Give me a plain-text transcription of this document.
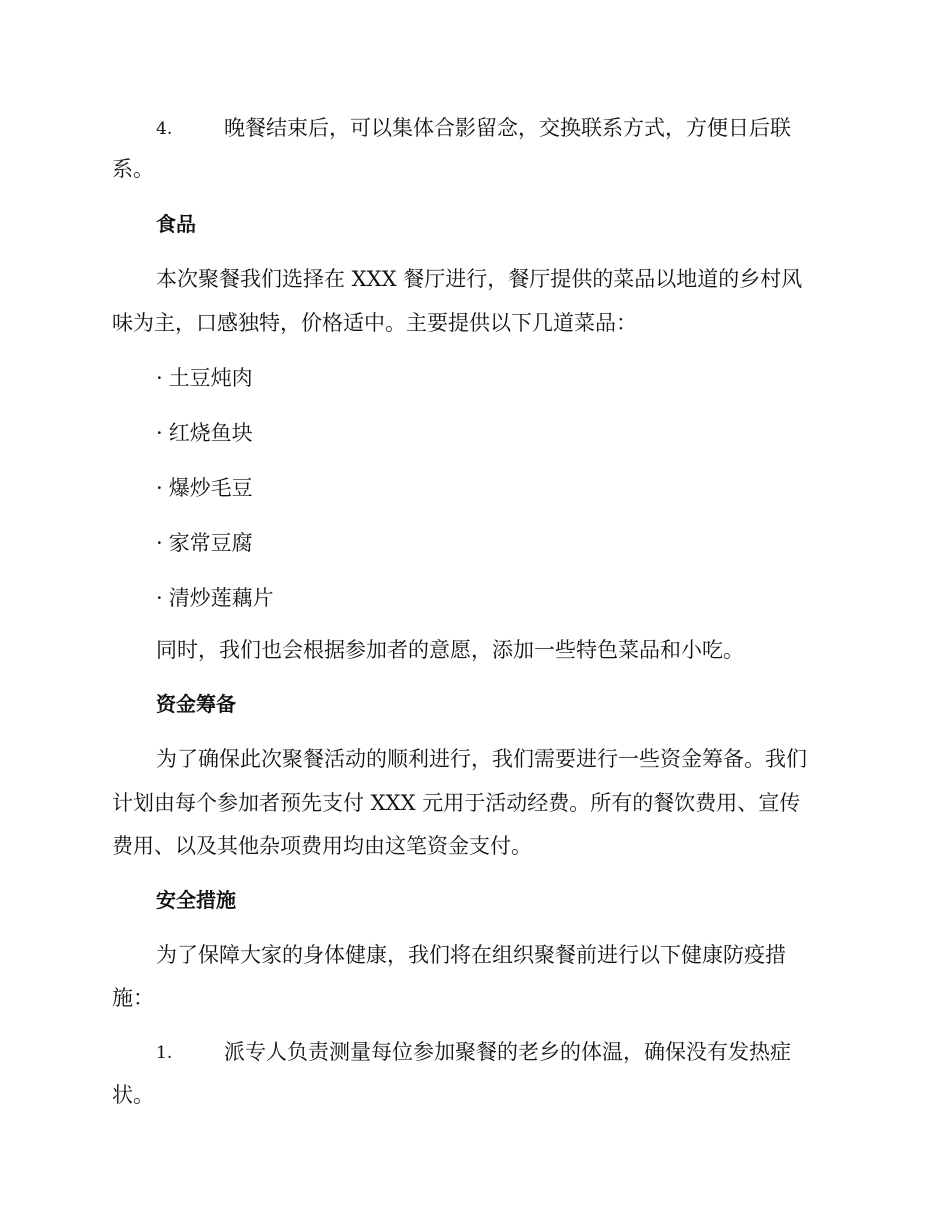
4. 晚餐结束后，可以集体合影留念，交换联系方式，方便日后联
系。
食品
本次聚餐我们选择在 XXX 餐厅进行，餐厅提供的菜品以地道的乡村风
味为主，口感独特，价格适中。主要提供以下几道菜品：
· 土豆炖肉
· 红烧鱼块
· 爆炒毛豆
· 家常豆腐
· 清炒莲藕片
同时，我们也会根据参加者的意愿，添加一些特色菜品和小吃。
资金筹备
为了确保此次聚餐活动的顺利进行，我们需要进行一些资金筹备。我们
计划由每个参加者预先支付 XXX 元用于活动经费。所有的餐饮费用、宣传
费用、以及其他杂项费用均由这笔资金支付。
安全措施
为了保障大家的身体健康，我们将在组织聚餐前进行以下健康防疫措
施：
1. 派专人负责测量每位参加聚餐的老乡的体温，确保没有发热症
状。
